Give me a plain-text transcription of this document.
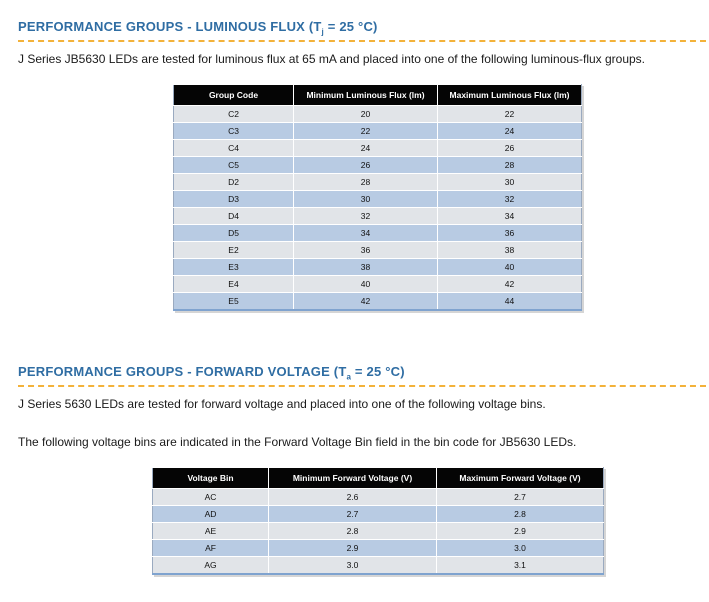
PERFORMANCE GROUPS - LUMINOUS FLUX ($T_j = 25$ °C)

J Series JB5630 LEDs are tested for luminous flux at 65 mA and placed into one of the following luminous-flux groups.

Group Code	Minimum Luminous Flux (lm)	Maximum Luminous Flux (lm)
C2	20	22
C3	22	24
C4	24	26
C5	26	28
D2	28	30
D3	30	32
D4	32	34
D5	34	36
E2	36	38
E3	38	40
E4	40	42
E5	42	44
PERFORMANCE GROUPS - FORWARD VOLTAGE ($T_a = 25$ °C)

J Series 5630 LEDs are tested for forward voltage and placed into one of the following voltage bins.

The following voltage bins are indicated in the Forward Voltage Bin field in the bin code for JB5630 LEDs.

Voltage Bin	Minimum Forward Voltage (V)	Maximum Forward Voltage (V)
AC	2.6	2.7
AD	2.7	2.8
AE	2.8	2.9
AF	2.9	3.0
AG	3.0	3.1
